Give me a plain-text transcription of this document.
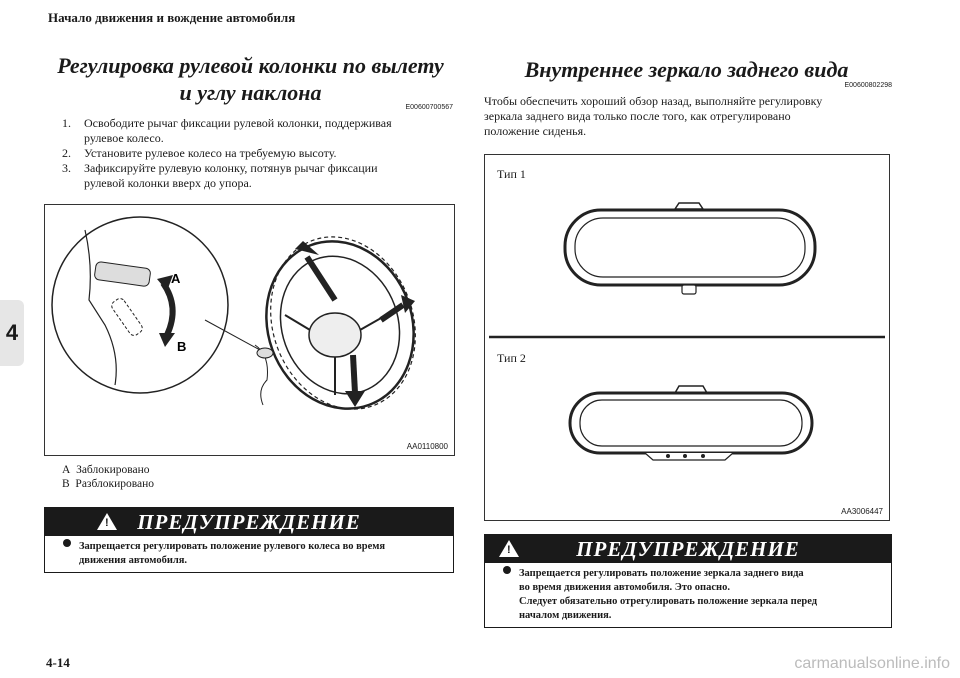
Начало движения и вождение автомобиля
4
Регулировка рулевой колонки по вылету
и углу наклона
E00600700567
1. Освободите рычаг фиксации рулевой колонки, поддерживая
рулевое колесо.
2. Установите рулевое колесо на требуемую высоту.
3. Зафиксируйте рулевую колонку, потянув рычаг фиксации
рулевой колонки вверх до упора.
A
B
AA0110800
A Заблокировано
B Разблокировано
!	ПРЕДУПРЕЖДЕНИЕ
Запрещается регулировать положение рулевого колеса во время
движения автомобиля.
Внутреннее зеркало заднего вида
E00600802298
Чтобы обеспечить хороший обзор назад, выполняйте регулировку
зеркала заднего вида только после того, как отрегулировано
положение сиденья.
Тип 1
Тип 2
AA3006447
!	ПРЕДУПРЕЖДЕНИЕ
Запрещается регулировать положение зеркала заднего вида
во время движения автомобиля. Это опасно.
Следует обязательно отрегулировать положение зеркала перед
началом движения.
4-14	carmanualsonline.info
